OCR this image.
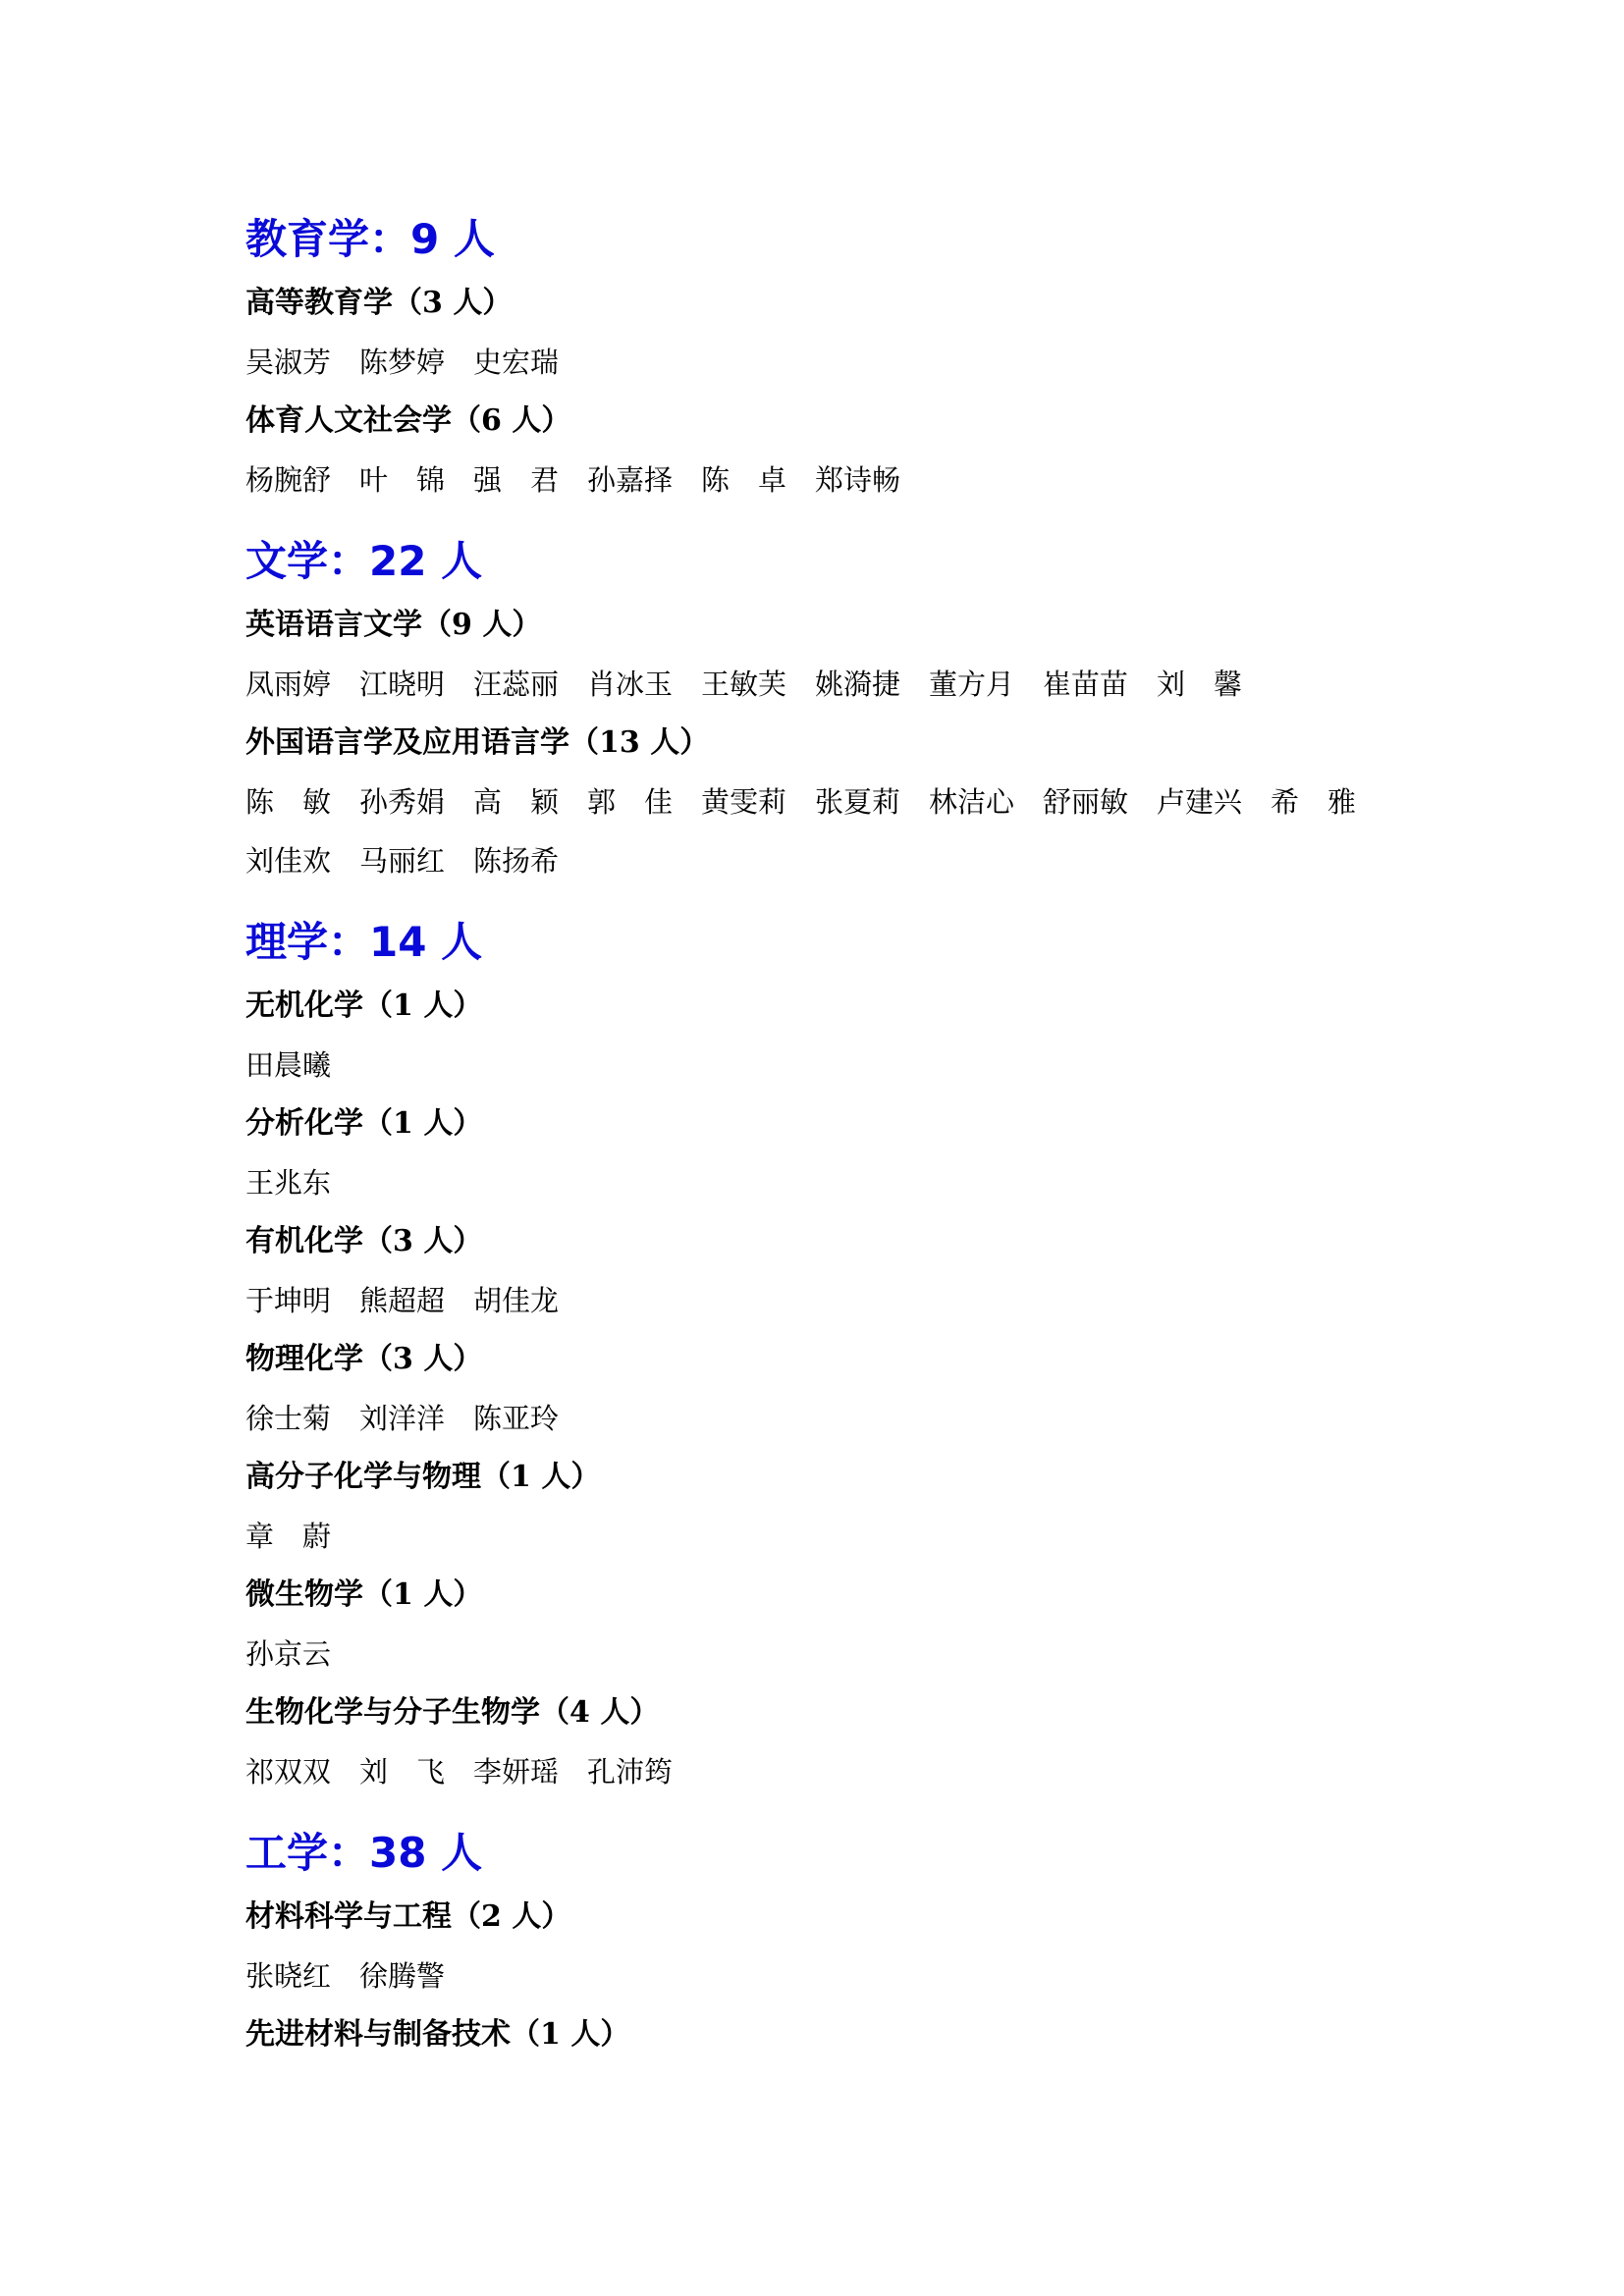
教育学：9 人

高等教育学（3 人）

吴淑芳　陈梦婷　史宏瑞

体育人文社会学（6 人）

杨腕舒　叶　锦　强　君　孙嘉择　陈　卓　郑诗畅

文学：22 人

英语语言文学（9 人）

凤雨婷　江晓明　汪蕊丽　肖冰玉　王敏芙　姚漪捷　董方月　崔苗苗　刘　馨

外国语言学及应用语言学（13 人）

陈　敏　孙秀娟　高　颖　郭　佳　黄雯莉　张夏莉　林洁心　舒丽敏　卢建兴　希　雅

刘佳欢　马丽红　陈扬希

理学：14 人

无机化学（1 人）

田晨曦

分析化学（1 人）

王兆东

有机化学（3 人）

于坤明　熊超超　胡佳龙

物理化学（3 人）

徐士菊　刘洋洋　陈亚玲

高分子化学与物理（1 人）

章　蔚

微生物学（1 人）

孙京云

生物化学与分子生物学（4 人）

祁双双　刘　飞　李妍瑶　孔沛筠

工学：38 人

材料科学与工程（2 人）

张晓红　徐腾警

先进材料与制备技术（1 人）
